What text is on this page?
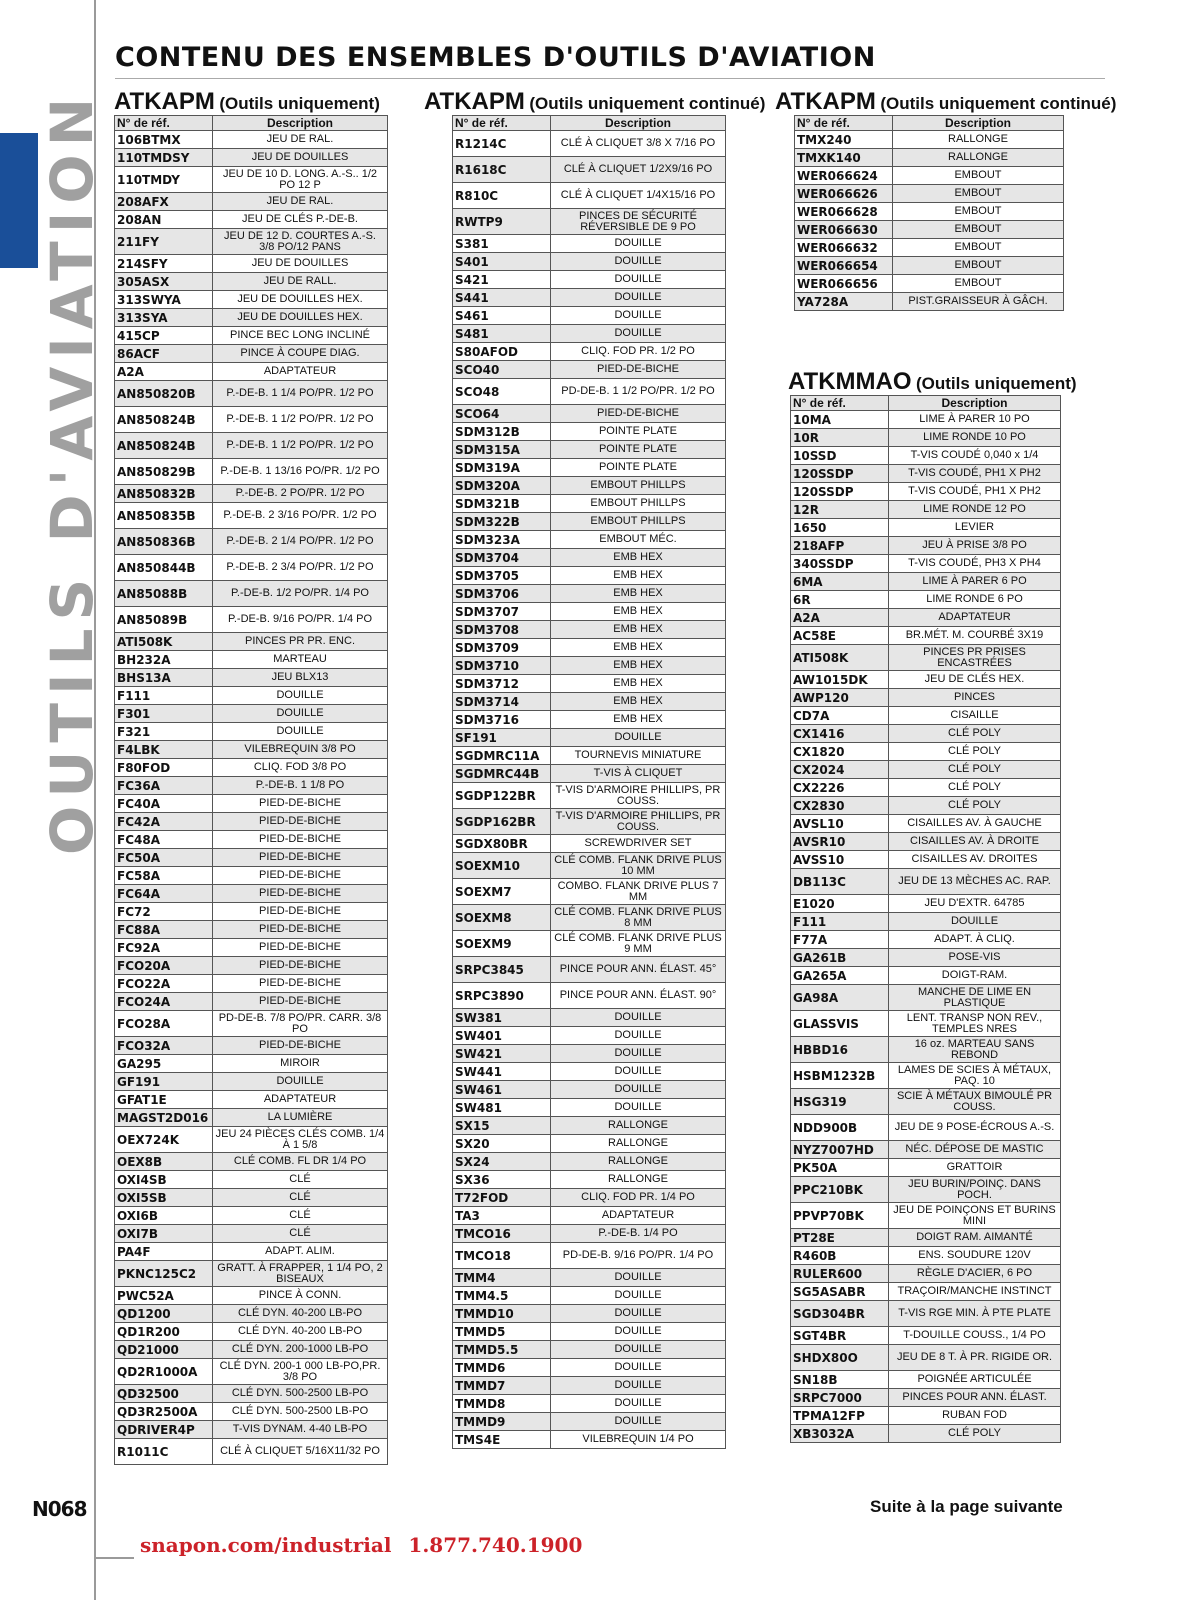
OUTILS D'AVIATION
CONTENU DES ENSEMBLES D'OUTILS D'AVIATION
ATKAPM (Outils uniquement) ATKAPM (Outils uniquement continué) ATKAPM (Outils uniquement continué)
ATKMMAO (Outils uniquement)
N° de réf.	Description
106BTMX	JEU DE RAL.
110TMDSY	JEU DE DOUILLES
110TMDY	JEU DE 10 D. LONG. A.-S.. 1/2 PO 12 P
208AFX	JEU DE RAL.
208AN	JEU DE CLÉS P.-DE-B.
211FY	JEU DE 12 D. COURTES A.-S. 3/8 PO/12 PANS
214SFY	JEU DE DOUILLES
305ASX	JEU DE RALL.
313SWYA	JEU DE DOUILLES HEX.
313SYA	JEU DE DOUILLES HEX.
415CP	PINCE BEC LONG INCLINÉ
86ACF	PINCE À COUPE DIAG.
A2A	ADAPTATEUR
AN850820B	P.-DE-B. 1 1/4 PO/PR. 1/2 PO
AN850824B	P.-DE-B. 1 1/2 PO/PR. 1/2 PO
AN850824B	P.-DE-B. 1 1/2 PO/PR. 1/2 PO
AN850829B	P.-DE-B. 1 13/16 PO/PR. 1/2 PO
AN850832B	P.-DE-B. 2 PO/PR. 1/2 PO
AN850835B	P.-DE-B. 2 3/16 PO/PR. 1/2 PO
AN850836B	P.-DE-B. 2 1/4 PO/PR. 1/2 PO
AN850844B	P.-DE-B. 2 3/4 PO/PR. 1/2 PO
AN85088B	P.-DE-B. 1/2 PO/PR. 1/4 PO
AN85089B	P.-DE-B. 9/16 PO/PR. 1/4 PO
ATI508K	PINCES PR PR. ENC.
BH232A	MARTEAU
BHS13A	JEU BLX13
F111	DOUILLE
F301	DOUILLE
F321	DOUILLE
F4LBK	VILEBREQUIN 3/8 PO
F80FOD	CLIQ. FOD 3/8 PO
FC36A	P.-DE-B. 1 1/8 PO
FC40A	PIED-DE-BICHE
FC42A	PIED-DE-BICHE
FC48A	PIED-DE-BICHE
FC50A	PIED-DE-BICHE
FC58A	PIED-DE-BICHE
FC64A	PIED-DE-BICHE
FC72	PIED-DE-BICHE
FC88A	PIED-DE-BICHE
FC92A	PIED-DE-BICHE
FCO20A	PIED-DE-BICHE
FCO22A	PIED-DE-BICHE
FCO24A	PIED-DE-BICHE
FCO28A	PD-DE-B. 7/8 PO/PR. CARR. 3/8 PO
FCO32A	PIED-DE-BICHE
GA295	MIROIR
GF191	DOUILLE
GFAT1E	ADAPTATEUR
MAGST2D016	LA LUMIÈRE
OEX724K	JEU 24 PIÈCES CLÉS COMB. 1/4 À 1 5/8
OEX8B	CLÉ COMB. FL DR 1/4 PO
OXI4SB	CLÉ
OXI5SB	CLÉ
OXI6B	CLÉ
OXI7B	CLÉ
PA4F	ADAPT. ALIM.
PKNC125C2	GRATT. À FRAPPER, 1 1/4 PO, 2 BISEAUX
PWC52A	PINCE À CONN.
QD1200	CLÉ DYN. 40-200 LB-PO
QD1R200	CLÉ DYN. 40-200 LB-PO
QD21000	CLÉ DYN. 200-1000 LB-PO
QD2R1000A	CLÉ DYN. 200-1 000 LB-PO,PR. 3/8 PO
QD32500	CLÉ DYN. 500-2500 LB-PO
QD3R2500A	CLÉ DYN. 500-2500 LB-PO
QDRIVER4P	T-VIS DYNAM. 4-40 LB-PO
R1011C	CLÉ À CLIQUET 5/16X11/32 PO
N° de réf.	Description
R1214C	CLÉ À CLIQUET 3/8 X 7/16 PO
R1618C	CLÉ À CLIQUET 1/2X9/16 PO
R810C	CLÉ À CLIQUET 1/4X15/16 PO
RWTP9	PINCES DE SÉCURITÉ RÉVERSIBLE DE 9 PO
S381	DOUILLE
S401	DOUILLE
S421	DOUILLE
S441	DOUILLE
S461	DOUILLE
S481	DOUILLE
S80AFOD	CLIQ. FOD PR. 1/2 PO
SCO40	PIED-DE-BICHE
SCO48	PD-DE-B. 1 1/2 PO/PR. 1/2 PO
SCO64	PIED-DE-BICHE
SDM312B	POINTE PLATE
SDM315A	POINTE PLATE
SDM319A	POINTE PLATE
SDM320A	EMBOUT PHILLPS
SDM321B	EMBOUT PHILLPS
SDM322B	EMBOUT PHILLPS
SDM323A	EMBOUT MÉC.
SDM3704	EMB HEX
SDM3705	EMB HEX
SDM3706	EMB HEX
SDM3707	EMB HEX
SDM3708	EMB HEX
SDM3709	EMB HEX
SDM3710	EMB HEX
SDM3712	EMB HEX
SDM3714	EMB HEX
SDM3716	EMB HEX
SF191	DOUILLE
SGDMRC11A	TOURNEVIS MINIATURE
SGDMRC44B	T-VIS À CLIQUET
SGDP122BR	T-VIS D'ARMOIRE PHILLIPS, PR COUSS.
SGDP162BR	T-VIS D'ARMOIRE PHILLIPS, PR COUSS.
SGDX80BR	SCREWDRIVER SET
SOEXM10	CLÉ COMB. FLANK DRIVE PLUS 10 MM
SOEXM7	COMBO. FLANK DRIVE PLUS 7 MM
SOEXM8	CLÉ COMB. FLANK DRIVE PLUS 8 MM
SOEXM9	CLÉ COMB. FLANK DRIVE PLUS 9 MM
SRPC3845	PINCE POUR ANN. ÉLAST. 45°
SRPC3890	PINCE POUR ANN. ÉLAST. 90°
SW381	DOUILLE
SW401	DOUILLE
SW421	DOUILLE
SW441	DOUILLE
SW461	DOUILLE
SW481	DOUILLE
SX15	RALLONGE
SX20	RALLONGE
SX24	RALLONGE
SX36	RALLONGE
T72FOD	CLIQ. FOD PR. 1/4 PO
TA3	ADAPTATEUR
TMCO16	P.-DE-B. 1/4 PO
TMCO18	PD-DE-B. 9/16 PO/PR. 1/4 PO
TMM4	DOUILLE
TMM4.5	DOUILLE
TMMD10	DOUILLE
TMMD5	DOUILLE
TMMD5.5	DOUILLE
TMMD6	DOUILLE
TMMD7	DOUILLE
TMMD8	DOUILLE
TMMD9	DOUILLE
TMS4E	VILEBREQUIN 1/4 PO
N° de réf.	Description
TMX240	RALLONGE
TMXK140	RALLONGE
WER066624	EMBOUT
WER066626	EMBOUT
WER066628	EMBOUT
WER066630	EMBOUT
WER066632	EMBOUT
WER066654	EMBOUT
WER066656	EMBOUT
YA728A	PIST.GRAISSEUR À GÂCH.
N° de réf.	Description
10MA	LIME À PARER 10 PO
10R	LIME RONDE 10 PO
10SSD	T-VIS COUDÉ 0,040 x 1/4
120SSDP	T-VIS COUDÉ, PH1 X PH2
120SSDP	T-VIS COUDÉ, PH1 X PH2
12R	LIME RONDE 12 PO
1650	LEVIER
218AFP	JEU À PRISE 3/8 PO
340SSDP	T-VIS COUDÉ, PH3 X PH4
6MA	LIME À PARER 6 PO
6R	LIME RONDE 6 PO
A2A	ADAPTATEUR
AC58E	BR.MÉT. M. COURBÉ 3X19
ATI508K	PINCES PR PRISES ENCASTRÉES
AW1015DK	JEU DE CLÉS HEX.
AWP120	PINCES
CD7A	CISAILLE
CX1416	CLÉ POLY
CX1820	CLÉ POLY
CX2024	CLÉ POLY
CX2226	CLÉ POLY
CX2830	CLÉ POLY
AVSL10	CISAILLES AV. À GAUCHE
AVSR10	CISAILLES AV. À DROITE
AVSS10	CISAILLES AV. DROITES
DB113C	JEU DE 13 MÈCHES AC. RAP.
E1020	JEU D'EXTR. 64785
F111	DOUILLE
F77A	ADAPT. À CLIQ.
GA261B	POSE-VIS
GA265A	DOIGT-RAM.
GA98A	MANCHE DE LIME EN PLASTIQUE
GLASSVIS	LENT. TRANSP NON REV., TEMPLES NRES
HBBD16	16 oz. MARTEAU SANS REBOND
HSBM1232B	LAMES DE SCIES À MÉTAUX, PAQ. 10
HSG319	SCIE À MÉTAUX BIMOULÉ PR COUSS.
NDD900B	JEU DE 9 POSE-ÉCROUS A.-S.
NYZ7007HD	NÉC. DÉPOSE DE MASTIC
PK50A	GRATTOIR
PPC210BK	JEU BURIN/POINÇ. DANS POCH.
PPVP70BK	JEU DE POINÇONS ET BURINS MINI
PT28E	DOIGT RAM. AIMANTÉ
R460B	ENS. SOUDURE 120V
RULER600	RÈGLE D'ACIER, 6 PO
SG5ASABR	TRAÇOIR/MANCHE INSTINCT
SGD304BR	T-VIS RGE MIN. À PTE PLATE
SGT4BR	T-DOUILLE COUSS., 1/4 PO
SHDX80O	JEU DE 8 T. À PR. RIGIDE OR.
SN18B	POIGNÉE ARTICULÉE
SRPC7000	PINCES POUR ANN. ÉLAST.
TPMA12FP	RUBAN FOD
XB3032A	CLÉ POLY
N068	Suite à la page suivante
snapon.com/industrial 1.877.740.1900
